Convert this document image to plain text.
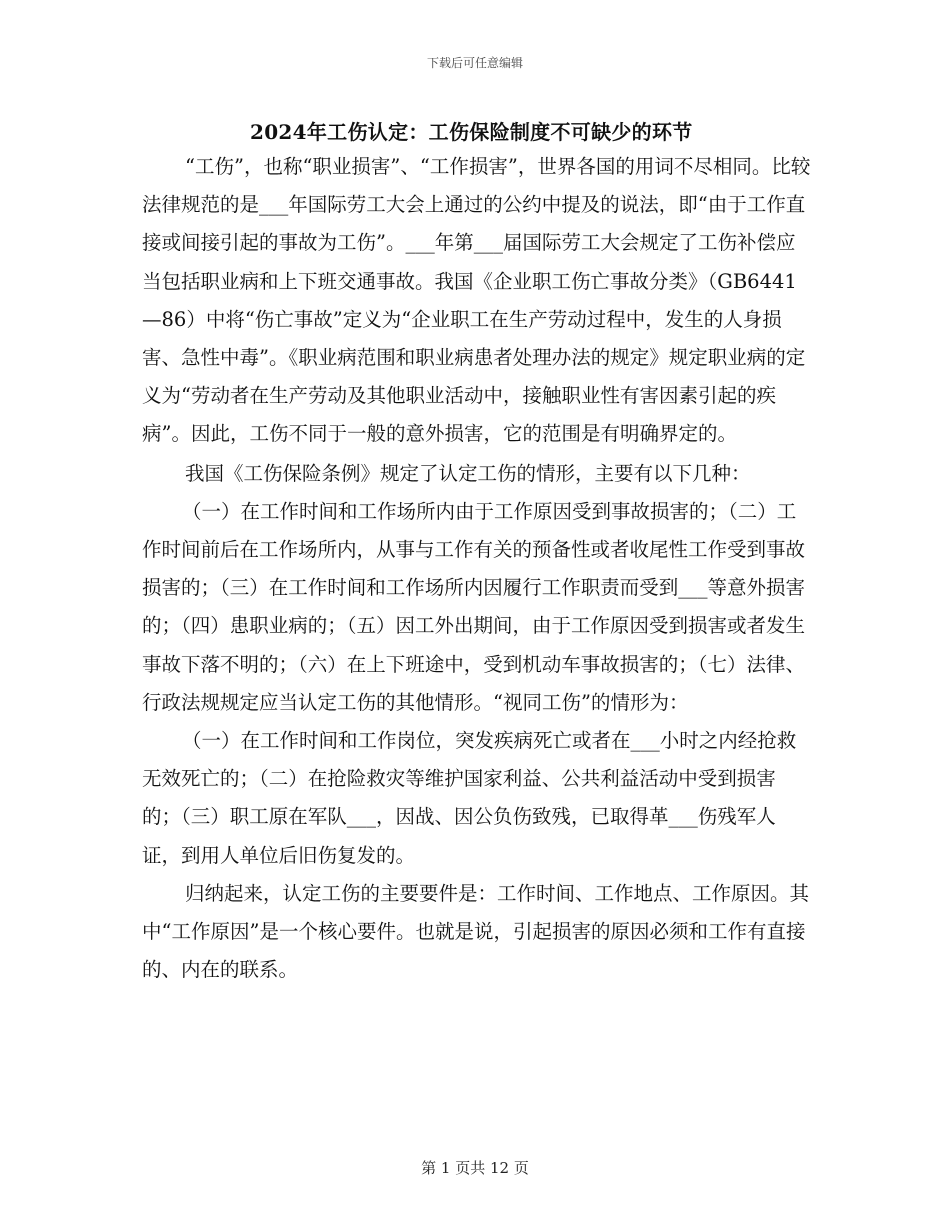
下载后可任意编辑
2024年工伤认定：工伤保险制度不可缺少的环节

“工伤”，也称“职业损害”、“工作损害”，世界各国的用词不尽相同。比较法律规范的是___年国际劳工大会上通过的公约中提及的说法，即“由于工作直接或间接引起的事故为工伤”。___年第___届国际劳工大会规定了工伤补偿应当包括职业病和上下班交通事故。我国《企业职工伤亡事故分类》（GB6441—86）中将“伤亡事故”定义为“企业职工在生产劳动过程中，发生的人身损害、急性中毒”。《职业病范围和职业病患者处理办法的规定》规定职业病的定义为“劳动者在生产劳动及其他职业活动中，接触职业性有害因素引起的疾病”。因此，工伤不同于一般的意外损害，它的范围是有明确界定的。

我国《工伤保险条例》规定了认定工伤的情形，主要有以下几种：

（一）在工作时间和工作场所内由于工作原因受到事故损害的；（二）工作时间前后在工作场所内，从事与工作有关的预备性或者收尾性工作受到事故损害的；（三）在工作时间和工作场所内因履行工作职责而受到___等意外损害的；（四）患职业病的；（五）因工外出期间，由于工作原因受到损害或者发生事故下落不明的；（六）在上下班途中，受到机动车事故损害的；（七）法律、行政法规规定应当认定工伤的其他情形。“视同工伤”的情形为：

（一）在工作时间和工作岗位，突发疾病死亡或者在___小时之内经抢救无效死亡的；（二）在抢险救灾等维护国家利益、公共利益活动中受到损害的；（三）职工原在军队___，因战、因公负伤致残，已取得革___伤残军人证，到用人单位后旧伤复发的。

归纳起来，认定工伤的主要要件是：工作时间、工作地点、工作原因。其中“工作原因”是一个核心要件。也就是说，引起损害的原因必须和工作有直接的、内在的联系。

第 1 页共 12 页
